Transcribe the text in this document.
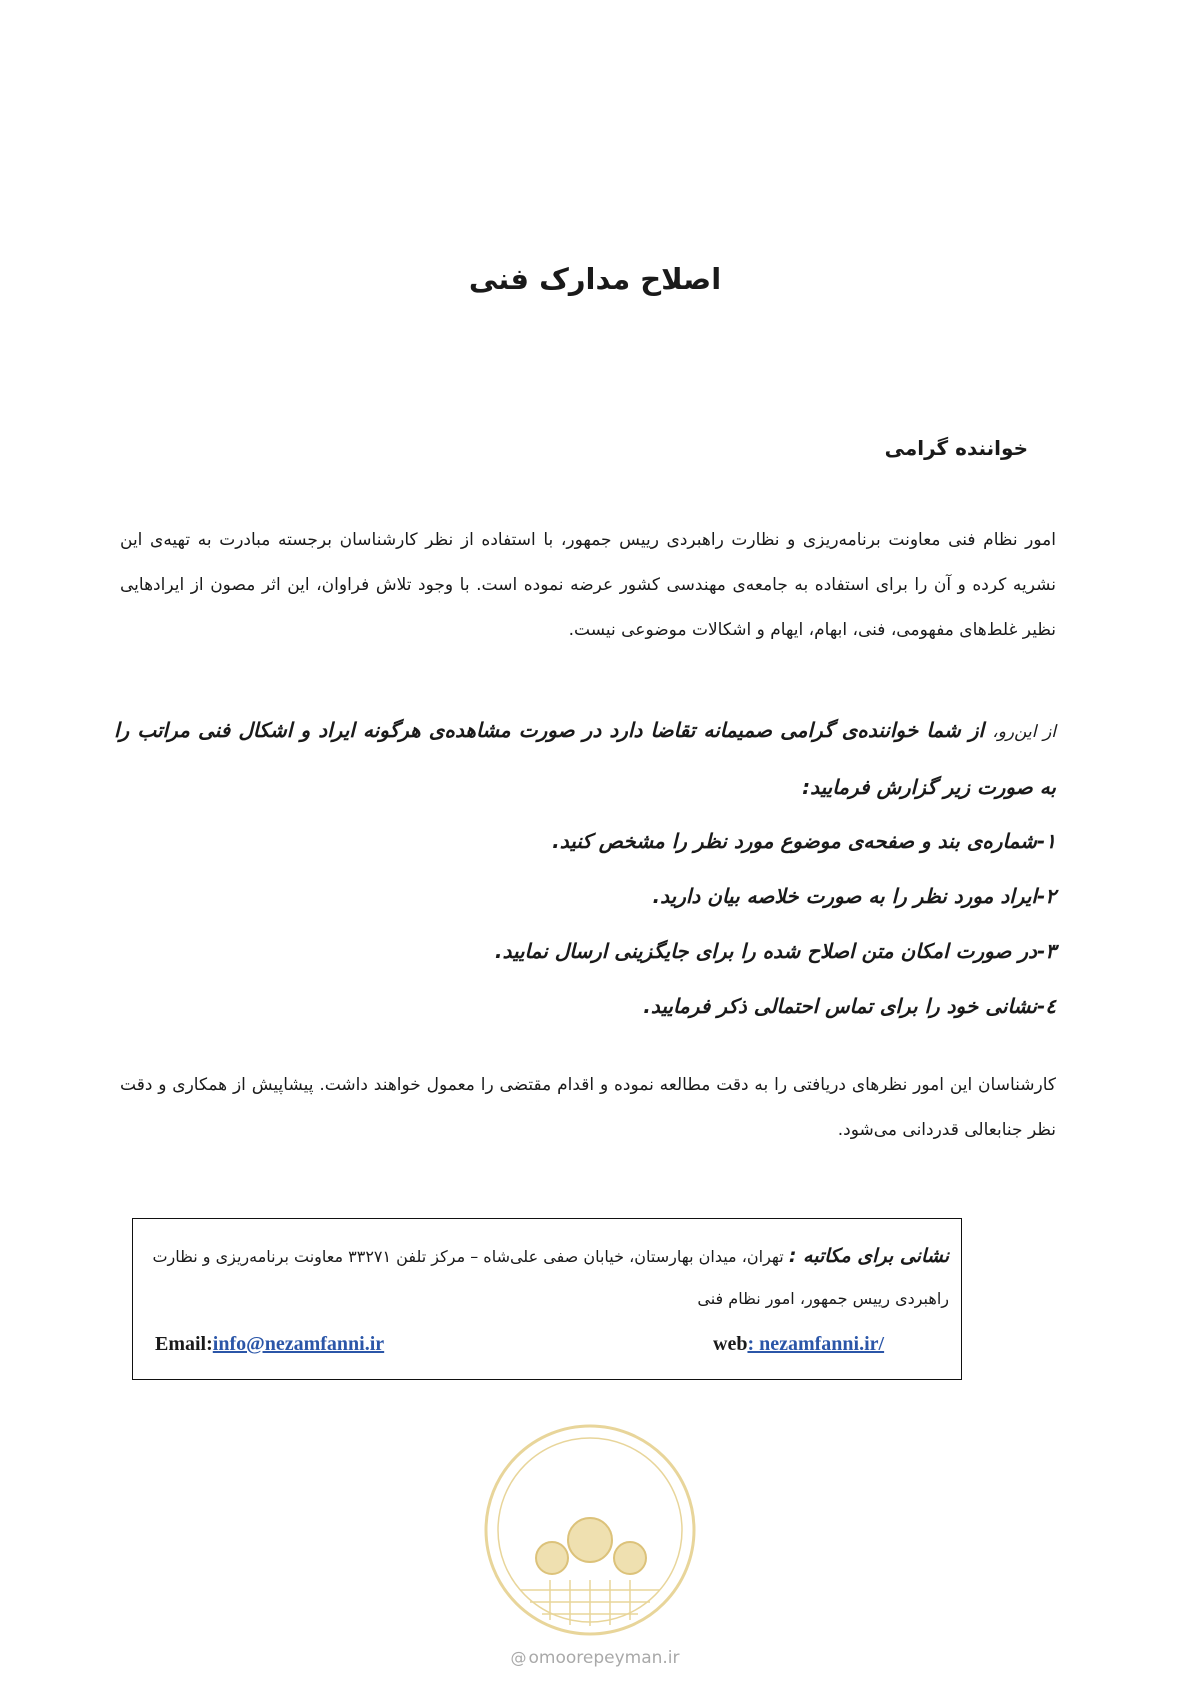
اصلاح مدارک فنی
خواننده گرامی

امور نظام فنی معاونت برنامه‌ریزی و نظارت راهبردی رییس جمهور، با استفاده از نظر کارشناسان برجسته مبادرت به تهیه‌ی این نشریه کرده و آن را برای استفاده به جامعه‌ی مهندسی کشور عرضه نموده است. با وجود تلاش فراوان، این اثر مصون از ایرادهایی نظیر غلط‌های مفهومی، فنی، ابهام، ایهام و اشکالات موضوعی نیست.

از این‌رو، از شما خواننده‌ی گرامی صمیمانه تقاضا دارد در صورت مشاهده‌ی هرگونه ایراد و اشکال فنی مراتب را به صورت زیر گزارش فرمایید:

۱-شماره‌ی بند و صفحه‌ی موضوع مورد نظر را مشخص کنید.
۲-ایراد مورد نظر را به صورت خلاصه بیان دارید.
۳-در صورت امکان متن اصلاح شده را برای جایگزینی ارسال نمایید.
٤-نشانی خود را برای تماس احتمالی ذکر فرمایید.

کارشناسان این امور نظرهای دریافتی را به دقت مطالعه نموده و اقدام مقتضی را معمول خواهند داشت. پیشاپیش از همکاری و دقت نظر جنابعالی قدردانی می‌شود.

نشانی برای مکاتبه : تهران، میدان بهارستان، خیابان صفی علی‌شاه – مرکز تلفن ۳۳۲۷۱ معاونت برنامه‌ریزی و نظارت راهبردی رییس جمهور، امور نظام فنی

Email:info@nezamfanni.ir	web: nezamfanni.ir/
@ omoorepeyman.ir
